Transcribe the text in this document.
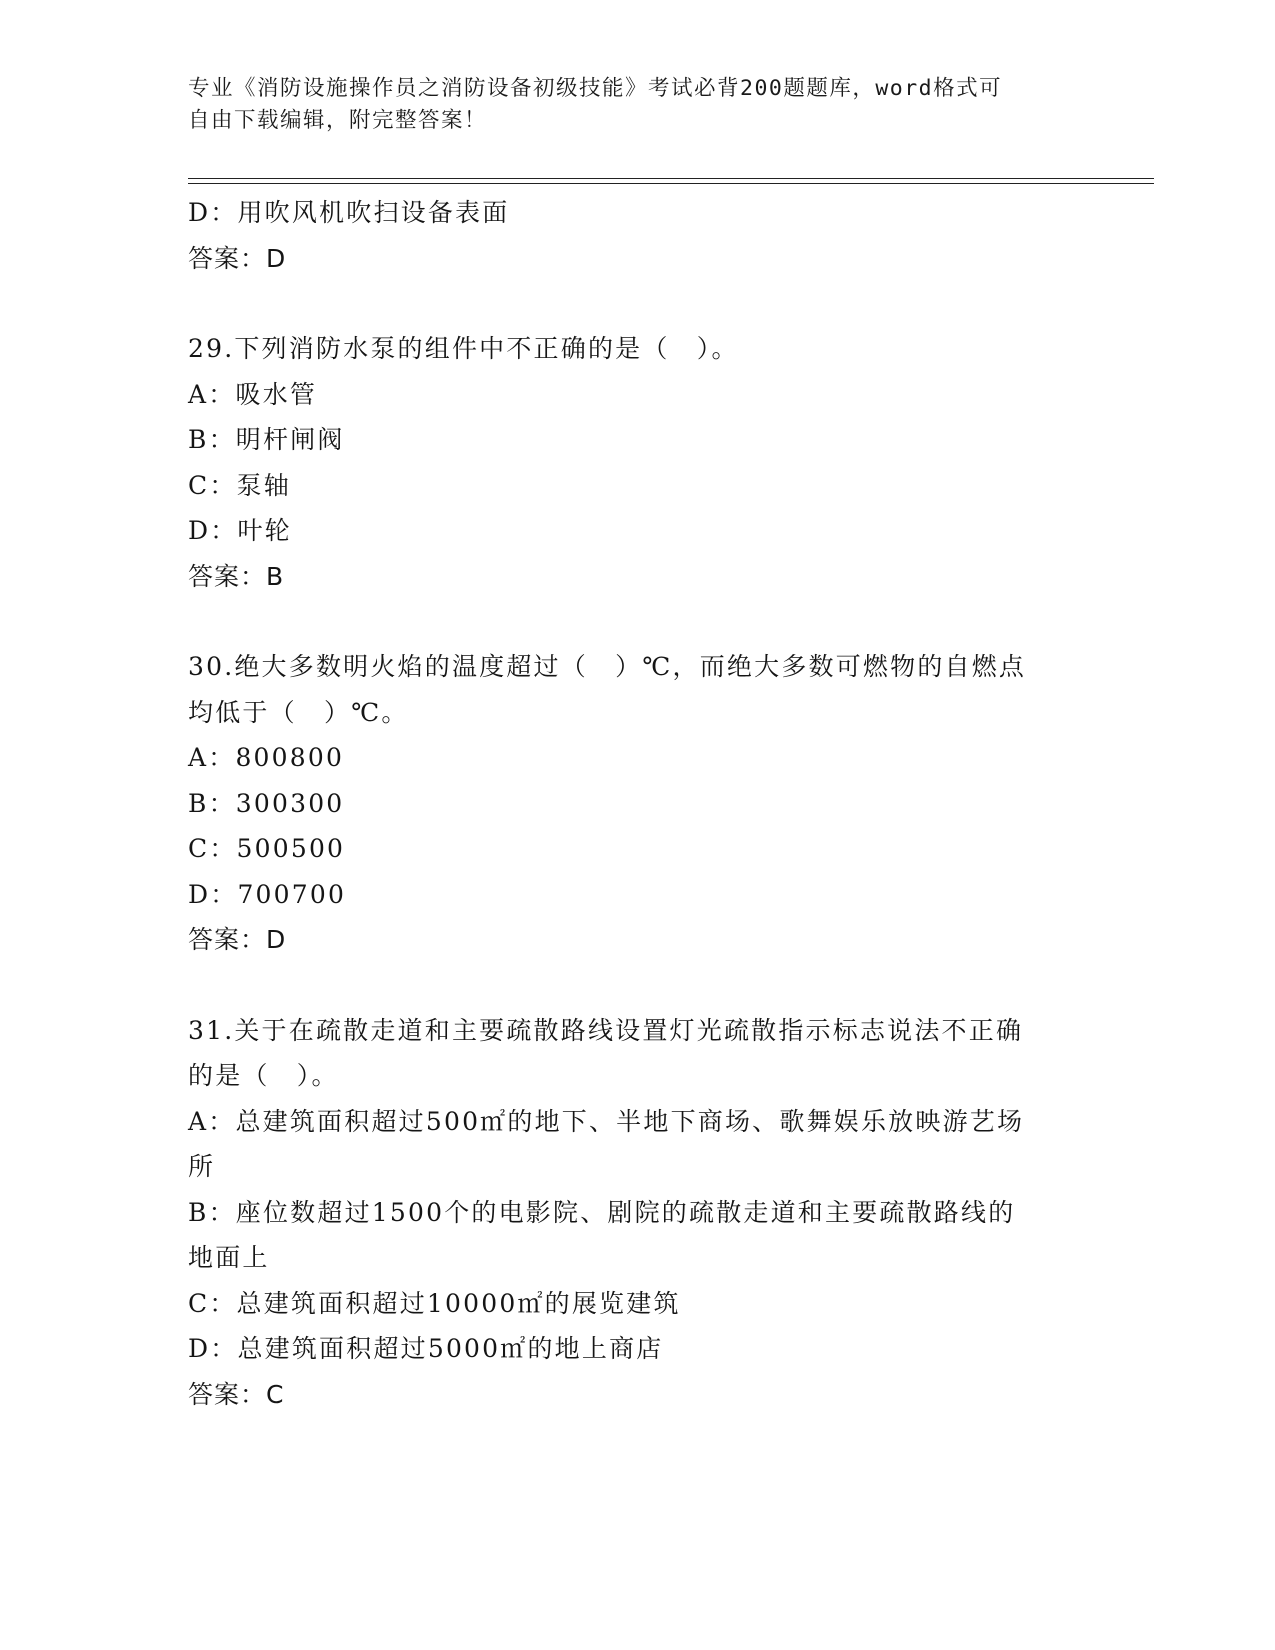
专业《消防设施操作员之消防设备初级技能》考试必背200题题库，word格式可
自由下载编辑，附完整答案！
D：用吹风机吹扫设备表面
答案：D
29.下列消防水泵的组件中不正确的是（　）。
A：吸水管
B：明杆闸阀
C：泵轴
D：叶轮
答案：B
30.绝大多数明火焰的温度超过（　）℃，而绝大多数可燃物的自燃点
均低于（　）℃。
A：800800
B：300300
C：500500
D：700700
答案：D
31.关于在疏散走道和主要疏散路线设置灯光疏散指示标志说法不正确
的是（　）。
A：总建筑面积超过500㎡的地下、半地下商场、歌舞娱乐放映游艺场
所
B：座位数超过1500个的电影院、剧院的疏散走道和主要疏散路线的
地面上
C：总建筑面积超过10000㎡的展览建筑
D：总建筑面积超过5000㎡的地上商店
答案：C
